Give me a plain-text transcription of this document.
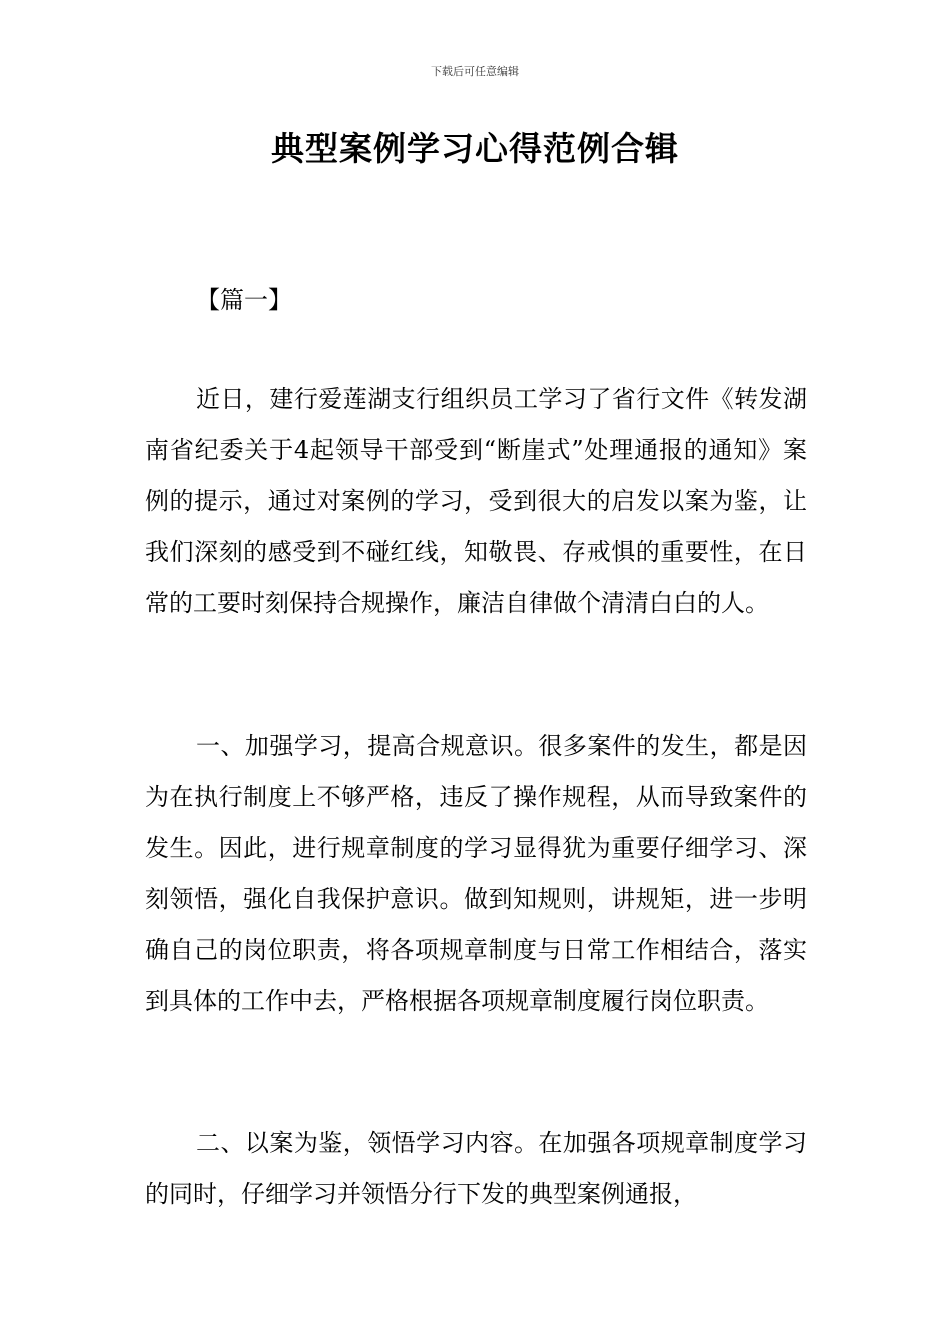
下载后可任意编辑
典型案例学习心得范例合辑
【篇一】

近日，建行爱莲湖支行组织员工学习了省行文件《转发湖南省纪委关于4起领导干部受到“断崖式”处理通报的通知》案例的提示，通过对案例的学习，受到很大的启发以案为鉴，让我们深刻的感受到不碰红线，知敬畏、存戒惧的重要性，在日常的工要时刻保持合规操作，廉洁自律做个清清白白的人。

一、加强学习，提高合规意识。很多案件的发生，都是因为在执行制度上不够严格，违反了操作规程，从而导致案件的发生。因此，进行规章制度的学习显得犹为重要仔细学习、深刻领悟，强化自我保护意识。做到知规则，讲规矩，进一步明确自己的岗位职责，将各项规章制度与日常工作相结合，落实到具体的工作中去，严格根据各项规章制度履行岗位职责。

二、以案为鉴，领悟学习内容。在加强各项规章制度学习的同时，仔细学习并领悟分行下发的典型案例通报，
